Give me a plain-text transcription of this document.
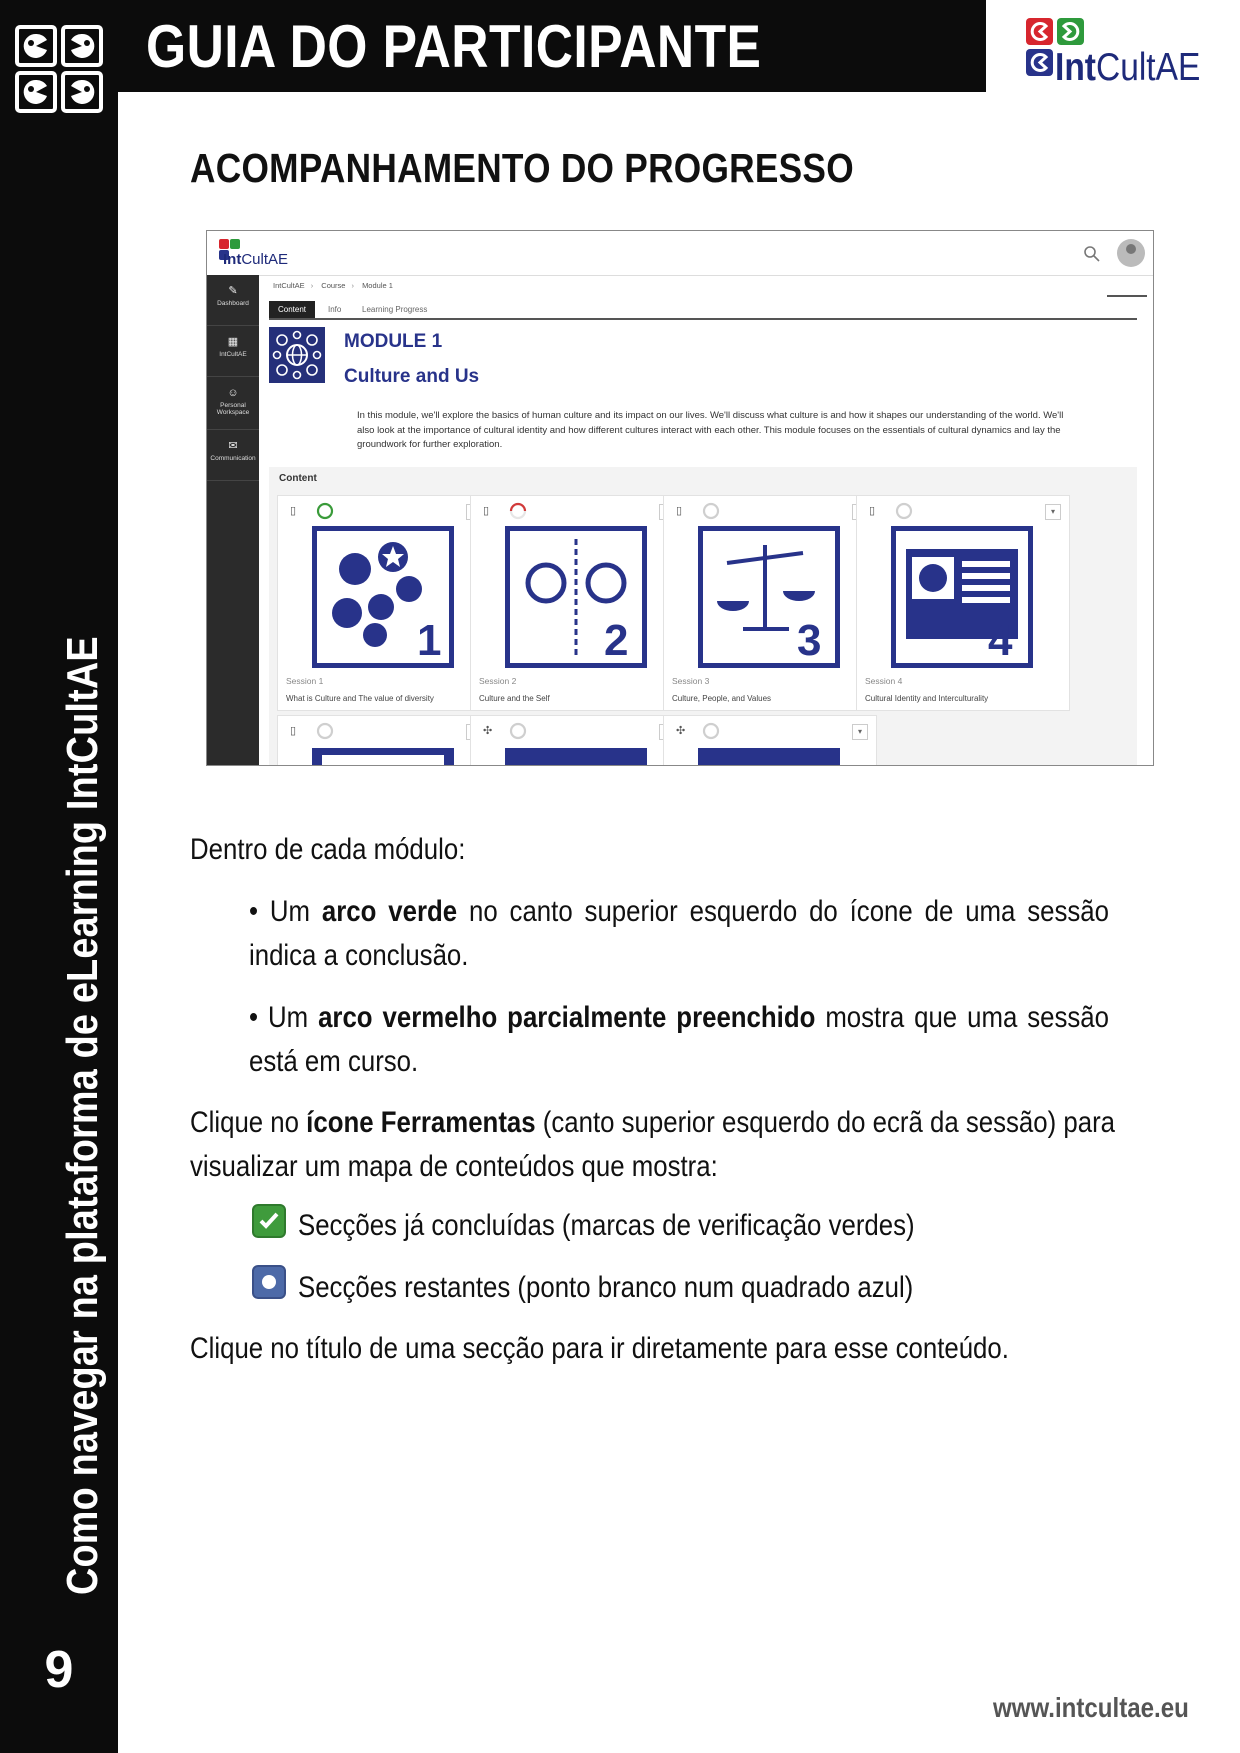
Como navegar na plataforma de eLearning IntCultAE
9
GUIA DO PARTICIPANTE	IntCultAE
ACOMPANHAMENTO DO PROGRESSO
IntCultAE
✎
Dashboard
▦
IntCultAE
☺
Personal Workspace
✉
Communication
IntCultAE › Course › Module 1
Content	Info	Learning Progress
MODULE 1
Culture and Us
In this module, we'll explore the basics of human culture and its impact on our lives. We'll discuss what culture is and how it shapes our understanding of the world. We'll also look at the importance of cultural identity and how different cultures interact with each other. This module focuses on the essentials of cultural dynamics and lay the groundwork for further exploration.
Content
▯
1
Session 1
What is Culture and The value of diversity
▯
2
Session 2
Culture and the Self
▯
3
Session 3
Culture, People, and Values
▯	▾
4
Session 4
Cultural Identity and Interculturality
▯	✣	✣	▾
Dentro de cada módulo:
• Um arco verde no canto superior esquerdo do ícone de uma sessão
indica a conclusão.
• Um arco vermelho parcialmente preenchido mostra que uma sessão
está em curso.
Clique no ícone Ferramentas (canto superior esquerdo do ecrã da sessão) para
visualizar um mapa de conteúdos que mostra:
Secções já concluídas (marcas de verificação verdes)
Secções restantes (ponto branco num quadrado azul)
Clique no título de uma secção para ir diretamente para esse conteúdo.
www.intcultae.eu
